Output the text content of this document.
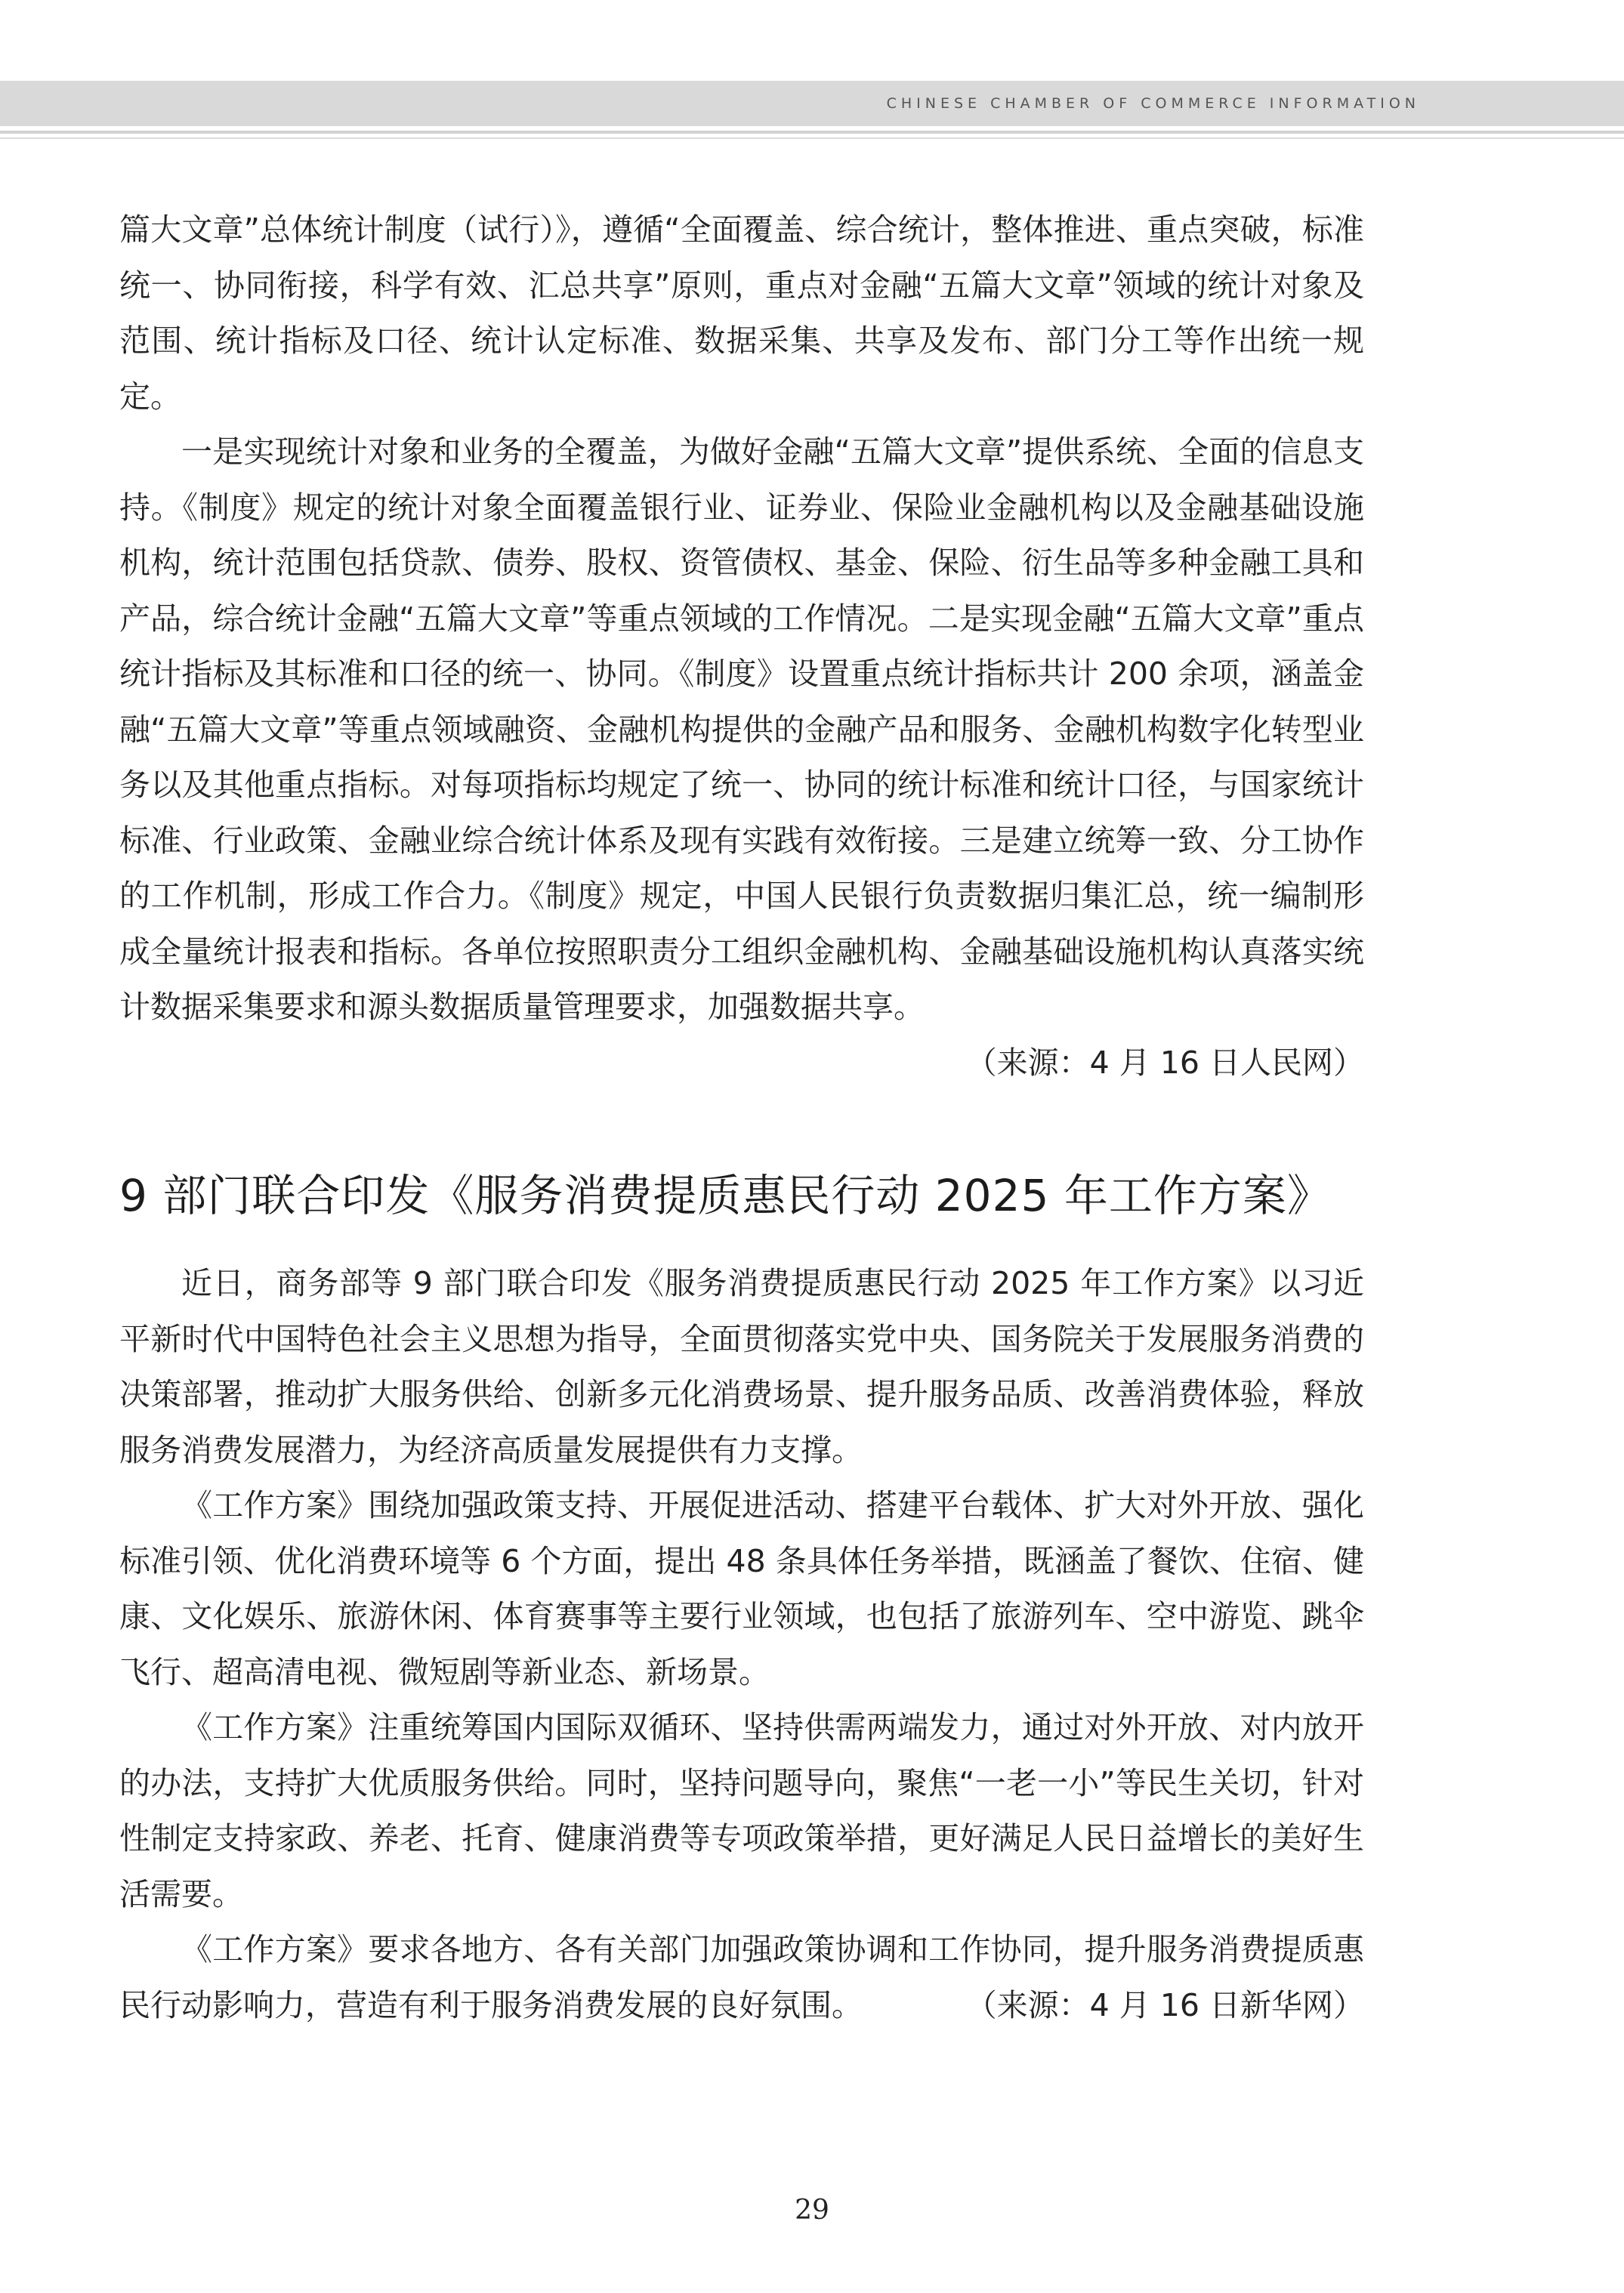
CHINESE CHAMBER OF COMMERCE INFORMATION

篇大文章”总体统计制度（试行）》，遵循“全面覆盖、综合统计，整体推进、重点突破，标准统一、协同衔接，科学有效、汇总共享”原则，重点对金融“五篇大文章”领域的统计对象及范围、统计指标及口径、统计认定标准、数据采集、共享及发布、部门分工等作出统一规定。

一是实现统计对象和业务的全覆盖，为做好金融“五篇大文章”提供系统、全面的信息支持。《制度》规定的统计对象全面覆盖银行业、证券业、保险业金融机构以及金融基础设施机构，统计范围包括贷款、债券、股权、资管债权、基金、保险、衍生品等多种金融工具和产品，综合统计金融“五篇大文章”等重点领域的工作情况。二是实现金融“五篇大文章”重点统计指标及其标准和口径的统一、协同。《制度》设置重点统计指标共计 200 余项，涵盖金融“五篇大文章”等重点领域融资、金融机构提供的金融产品和服务、金融机构数字化转型业务以及其他重点指标。对每项指标均规定了统一、协同的统计标准和统计口径，与国家统计标准、行业政策、金融业综合统计体系及现有实践有效衔接。三是建立统筹一致、分工协作的工作机制，形成工作合力。《制度》规定，中国人民银行负责数据归集汇总，统一编制形成全量统计报表和指标。各单位按照职责分工组织金融机构、金融基础设施机构认真落实统计数据采集要求和源头数据质量管理要求，加强数据共享。

（来源：4 月 16 日人民网）

9 部门联合印发《服务消费提质惠民行动 2025 年工作方案》

近日，商务部等 9 部门联合印发《服务消费提质惠民行动 2025 年工作方案》以习近平新时代中国特色社会主义思想为指导，全面贯彻落实党中央、国务院关于发展服务消费的决策部署，推动扩大服务供给、创新多元化消费场景、提升服务品质、改善消费体验，释放服务消费发展潜力，为经济高质量发展提供有力支撑。

《工作方案》围绕加强政策支持、开展促进活动、搭建平台载体、扩大对外开放、强化标准引领、优化消费环境等 6 个方面，提出 48 条具体任务举措，既涵盖了餐饮、住宿、健康、文化娱乐、旅游休闲、体育赛事等主要行业领域，也包括了旅游列车、空中游览、跳伞飞行、超高清电视、微短剧等新业态、新场景。

《工作方案》注重统筹国内国际双循环、坚持供需两端发力，通过对外开放、对内放开的办法，支持扩大优质服务供给。同时，坚持问题导向，聚焦“一老一小”等民生关切，针对性制定支持家政、养老、托育、健康消费等专项政策举措，更好满足人民日益增长的美好生活需要。

《工作方案》要求各地方、各有关部门加强政策协调和工作协同，提升服务消费提质惠民行动影响力，营造有利于服务消费发展的良好氛围。	（来源：4 月 16 日新华网）

29
